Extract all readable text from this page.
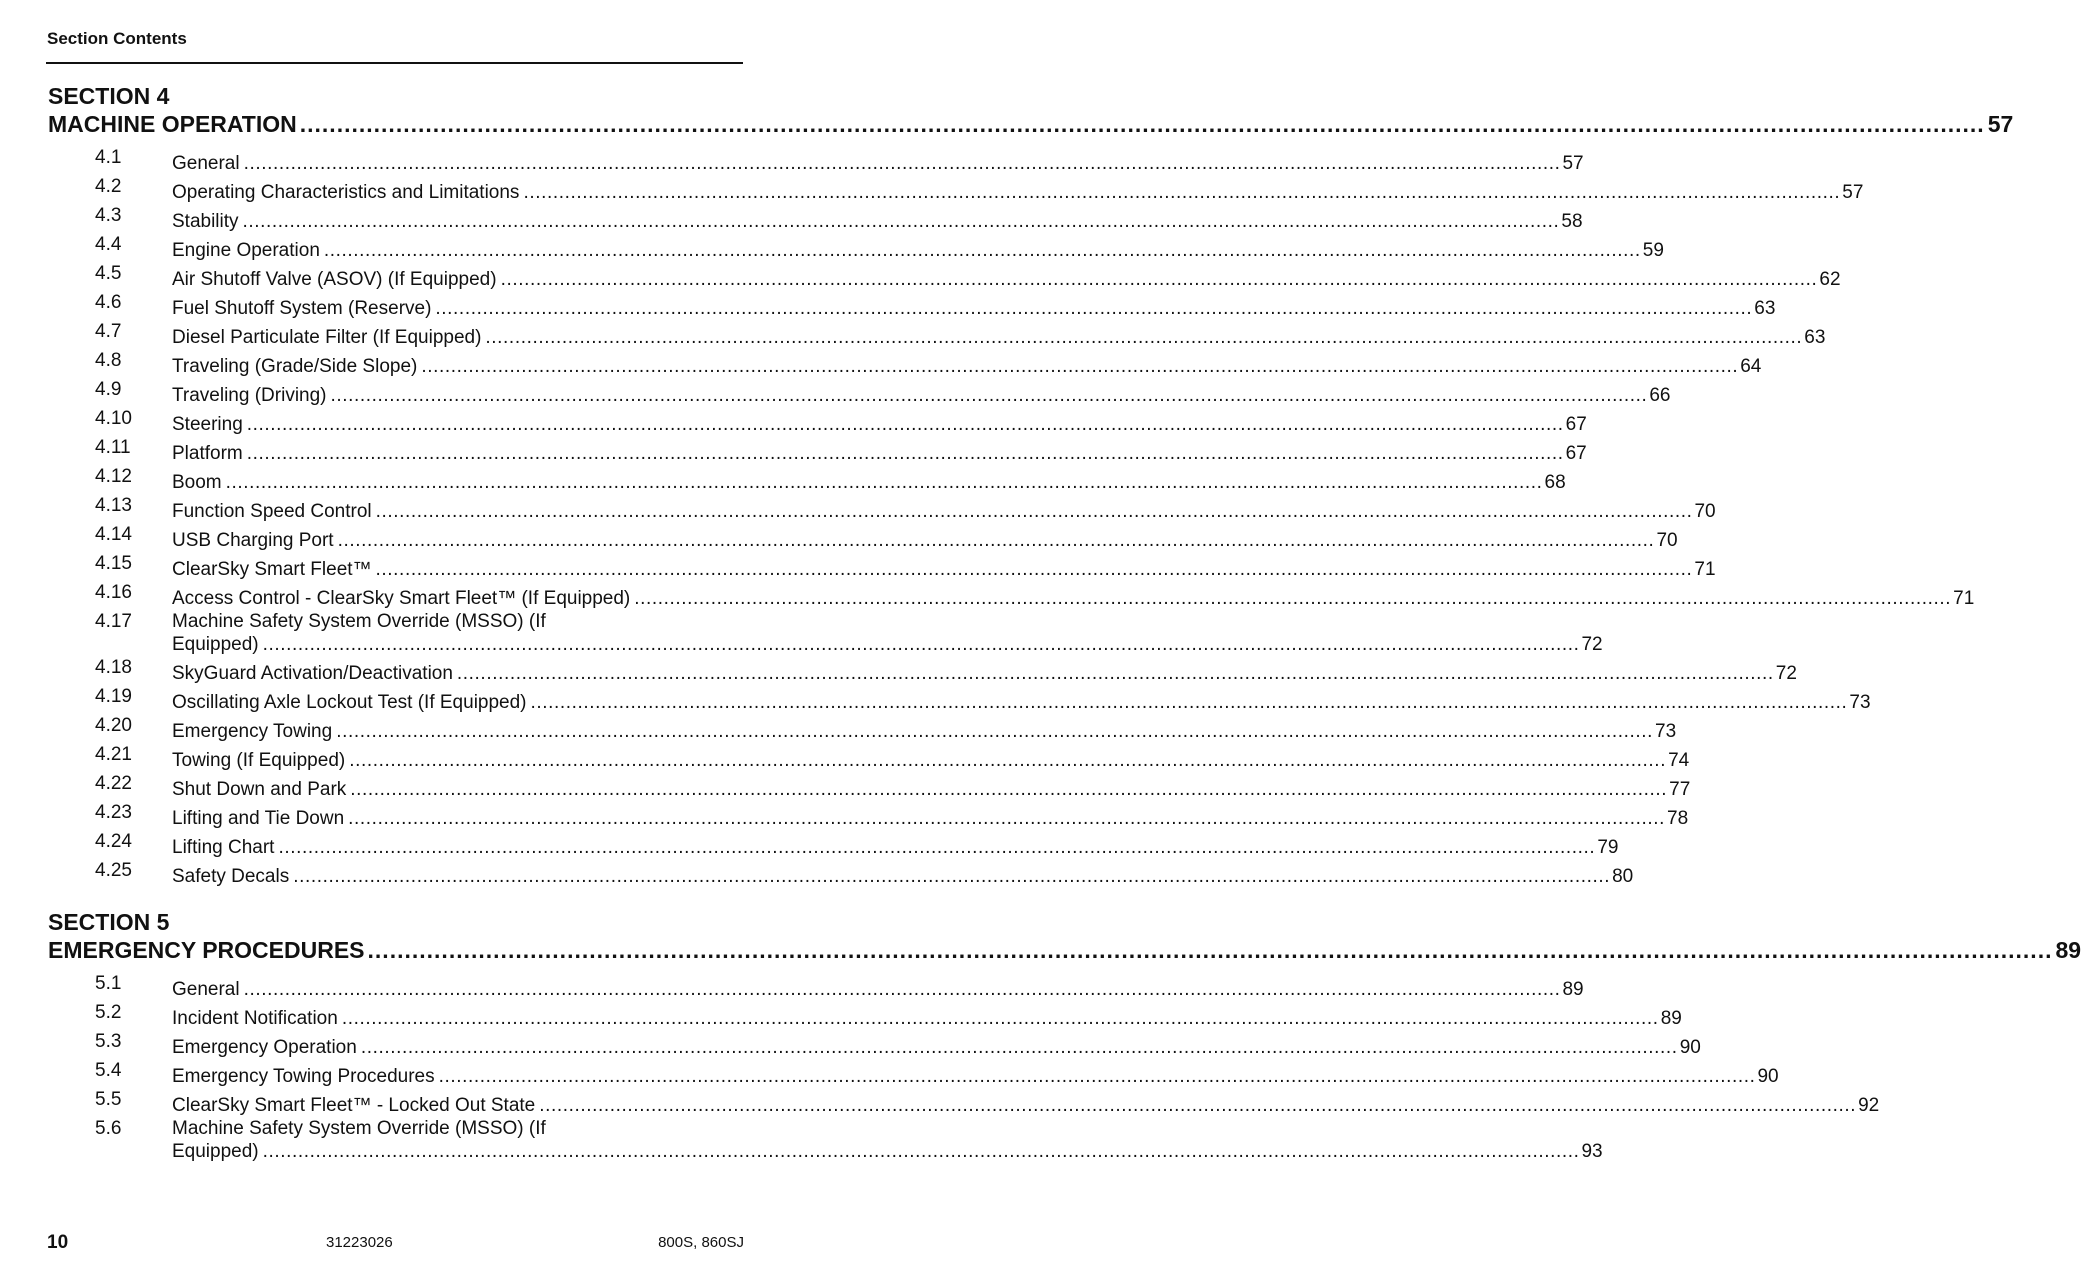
Section Contents
SECTION 4
MACHINE OPERATION .....	57
4.1	General .....	57
4.2	Operating Characteristics and Limitations .....	57
4.3	Stability .....	58
4.4	Engine Operation .....	59
4.5	Air Shutoff Valve (ASOV) (If Equipped) .....	62
4.6	Fuel Shutoff System (Reserve) .....	63
4.7	Diesel Particulate Filter (If Equipped) .....	63
4.8	Traveling (Grade/Side Slope) .....	64
4.9	Traveling (Driving) .....	66
4.10	Steering .....	67
4.11	Platform .....	67
4.12	Boom .....	68
4.13	Function Speed Control .....	70
4.14	USB Charging Port .....	70
4.15	ClearSky Smart Fleet™ .....	71
4.16	Access Control - ClearSky Smart Fleet™ (If Equipped) .....	71
4.17	Machine Safety System Override (MSSO) (If
Equipped) .....	72
4.18	SkyGuard Activation/Deactivation .....	72
4.19	Oscillating Axle Lockout Test (If Equipped) .....	73
4.20	Emergency Towing .....	73
4.21	Towing (If Equipped) .....	74
4.22	Shut Down and Park .....	77
4.23	Lifting and Tie Down .....	78
4.24	Lifting Chart .....	79
4.25	Safety Decals .....	80
SECTION 5
EMERGENCY PROCEDURES .....	89
5.1	General .....	89
5.2	Incident Notification .....	89
5.3	Emergency Operation .....	90
5.4	Emergency Towing Procedures .....	90
5.5	ClearSky Smart Fleet™ - Locked Out State .....	92
5.6	Machine Safety System Override (MSSO) (If
Equipped) .....	93
10	31223026	800S, 860SJ
